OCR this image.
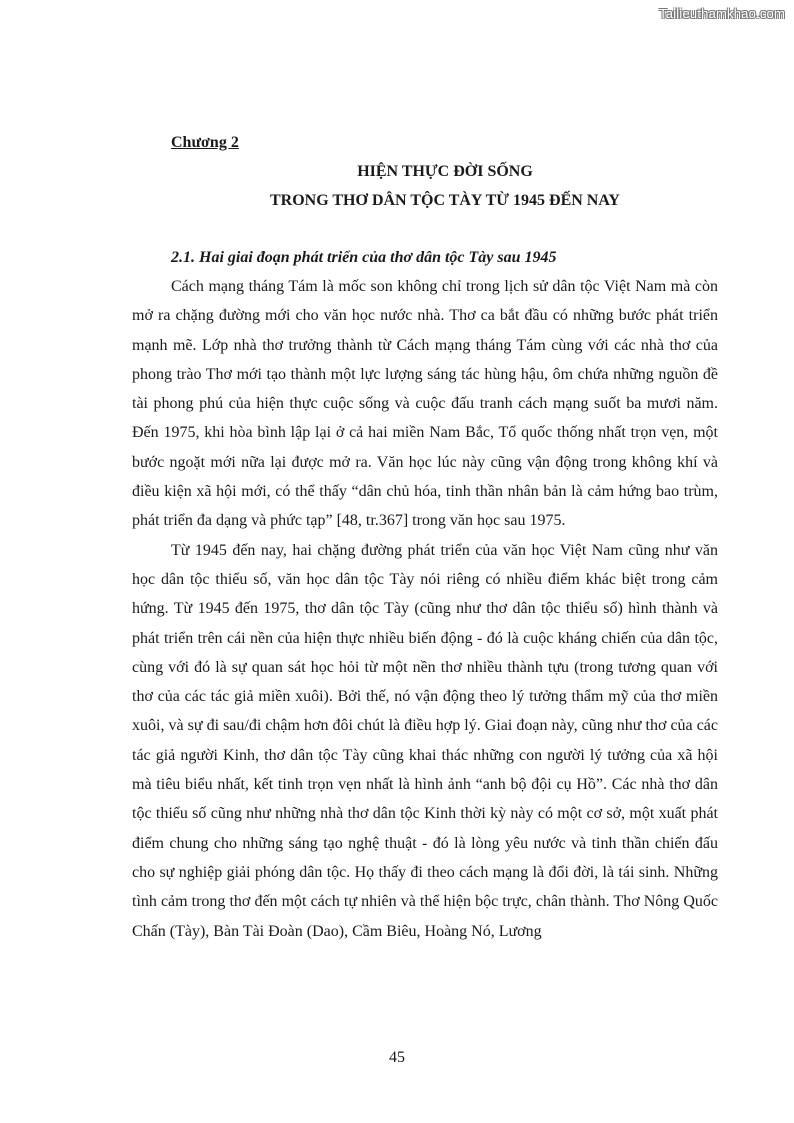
Tailieuthamkhao.com
Chương 2
HIỆN THỰC ĐỜI SỐNG
TRONG THƠ DÂN TỘC TÀY TỪ 1945 ĐẾN NAY
2.1. Hai giai đoạn phát triển của thơ dân tộc Tày sau 1945

Cách mạng tháng Tám là mốc son không chỉ trong lịch sử dân tộc Việt Nam mà còn mở ra chặng đường mới cho văn học nước nhà. Thơ ca bắt đầu có những bước phát triển mạnh mẽ. Lớp nhà thơ trưởng thành từ Cách mạng tháng Tám cùng với các nhà thơ của phong trào Thơ mới tạo thành một lực lượng sáng tác hùng hậu, ôm chứa những nguồn đề tài phong phú của hiện thực cuộc sống và cuộc đấu tranh cách mạng suốt ba mươi năm. Đến 1975, khi hòa bình lập lại ở cả hai miền Nam Bắc, Tổ quốc thống nhất trọn vẹn, một bước ngoặt mới nữa lại được mở ra. Văn học lúc này cũng vận động trong không khí và điều kiện xã hội mới, có thể thấy “dân chủ hóa, tinh thần nhân bản là cảm hứng bao trùm, phát triển đa dạng và phức tạp” [48, tr.367] trong văn học sau 1975.

Từ 1945 đến nay, hai chặng đường phát triển của văn học Việt Nam cũng như văn học dân tộc thiểu số, văn học dân tộc Tày nói riêng có nhiều điểm khác biệt trong cảm hứng. Từ 1945 đến 1975, thơ dân tộc Tày (cũng như thơ dân tộc thiểu số) hình thành và phát triển trên cái nền của hiện thực nhiều biến động - đó là cuộc kháng chiến của dân tộc, cùng với đó là sự quan sát học hỏi từ một nền thơ nhiều thành tựu (trong tương quan với thơ của các tác giả miền xuôi). Bởi thế, nó vận động theo lý tưởng thẩm mỹ của thơ miền xuôi, và sự đi sau/đi chậm hơn đôi chút là điều hợp lý. Giai đoạn này, cũng như thơ của các tác giả người Kinh, thơ dân tộc Tày cũng khai thác những con người lý tưởng của xã hội mà tiêu biểu nhất, kết tinh trọn vẹn nhất là hình ảnh “anh bộ đội cụ Hồ”. Các nhà thơ dân tộc thiểu số cũng như những nhà thơ dân tộc Kinh thời kỳ này có một cơ sở, một xuất phát điểm chung cho những sáng tạo nghệ thuật - đó là lòng yêu nước và tinh thần chiến đấu cho sự nghiệp giải phóng dân tộc. Họ thấy đi theo cách mạng là đổi đời, là tái sinh. Những tình cảm trong thơ đến một cách tự nhiên và thể hiện bộc trực, chân thành. Thơ Nông Quốc Chấn (Tày), Bàn Tài Đoàn (Dao), Cầm Biêu, Hoàng Nó, Lương

45
